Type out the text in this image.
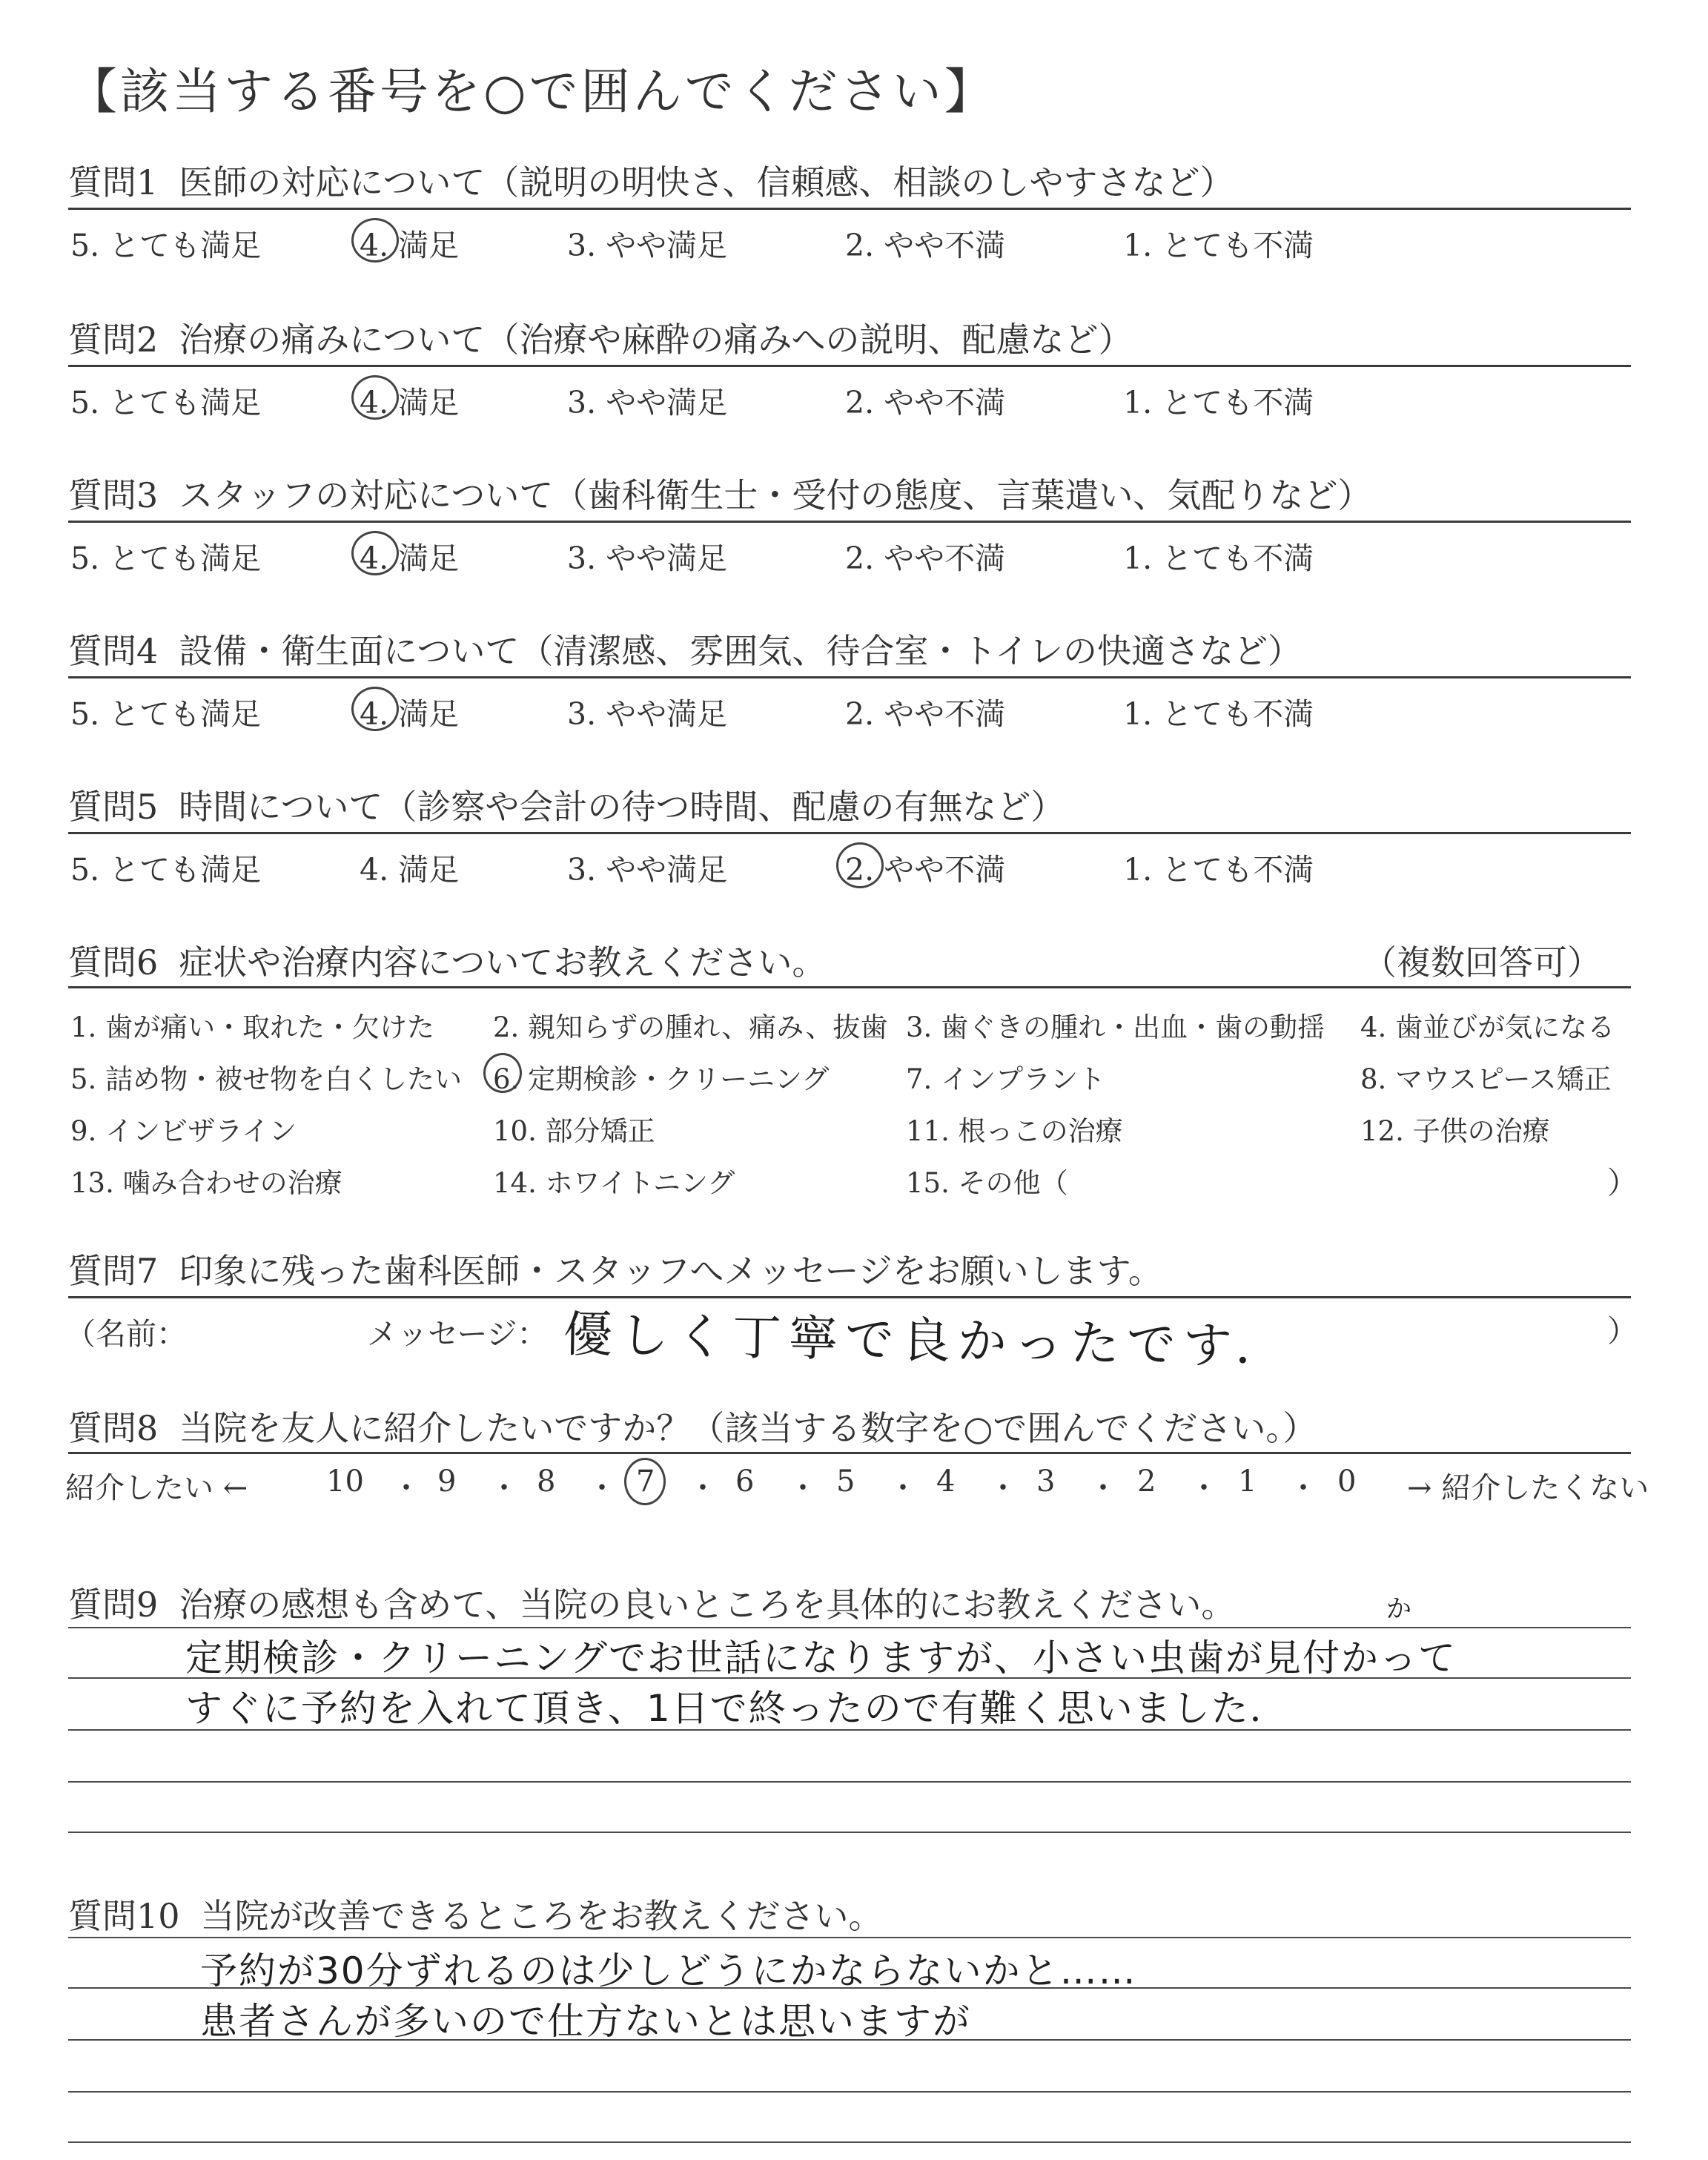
【該当する番号を○で囲んでください】
質問1 医師の対応について（説明の明快さ、信頼感、相談のしやすさなど）
5. とても満足	4. 満足	3. やや満足	2. やや不満	1. とても不満
質問2 治療の痛みについて（治療や麻酔の痛みへの説明、配慮など）
5. とても満足	4. 満足	3. やや満足	2. やや不満	1. とても不満
質問3 スタッフの対応について（歯科衛生士・受付の態度、言葉遣い、気配りなど）
5. とても満足	4. 満足	3. やや満足	2. やや不満	1. とても不満
質問4 設備・衛生面について（清潔感、雰囲気、待合室・トイレの快適さなど）
5. とても満足	4. 満足	3. やや満足	2. やや不満	1. とても不満
質問5 時間について（診察や会計の待つ時間、配慮の有無など）
5. とても満足	4. 満足	3. やや満足	2. やや不満	1. とても不満
質問6 症状や治療内容についてお教えください。	（複数回答可）
1. 歯が痛い・取れた・欠けた 2. 親知らずの腫れ、痛み、抜歯 3. 歯ぐきの腫れ・出血・歯の動揺 4. 歯並びが気になる
5. 詰め物・被せ物を白くしたい 6. 定期検診・クリーニング	7. インプラント	8. マウスピース矯正
9. インビザライン	10. 部分矯正	11. 根っこの治療	12. 子供の治療
13. 噛み合わせの治療	14. ホワイトニング	15. その他（	）
質問7 印象に残った歯科医師・スタッフへメッセージをお願いします。
（名前：	メッセージ： 優しく丁寧で良かったです．	）
質問8 当院を友人に紹介したいですか？（該当する数字を○で囲んでください。）
紹介したい ←	10 ・ 9 ・ 8 ・ 7 ・ 6 ・ 5 ・ 4 ・ 3 ・ 2 ・ 1 ・ 0 → 紹介したくない
質問9 治療の感想も含めて、当院の良いところを具体的にお教えください。	か
定期検診・クリーニングでお世話になりますが、小さい虫歯が見付かって
すぐに予約を入れて頂き、1日で終ったので有難く思いました．
質問10 当院が改善できるところをお教えください。
予約が30分ずれるのは少しどうにかならないかと……
患者さんが多いので仕方ないとは思いますが
